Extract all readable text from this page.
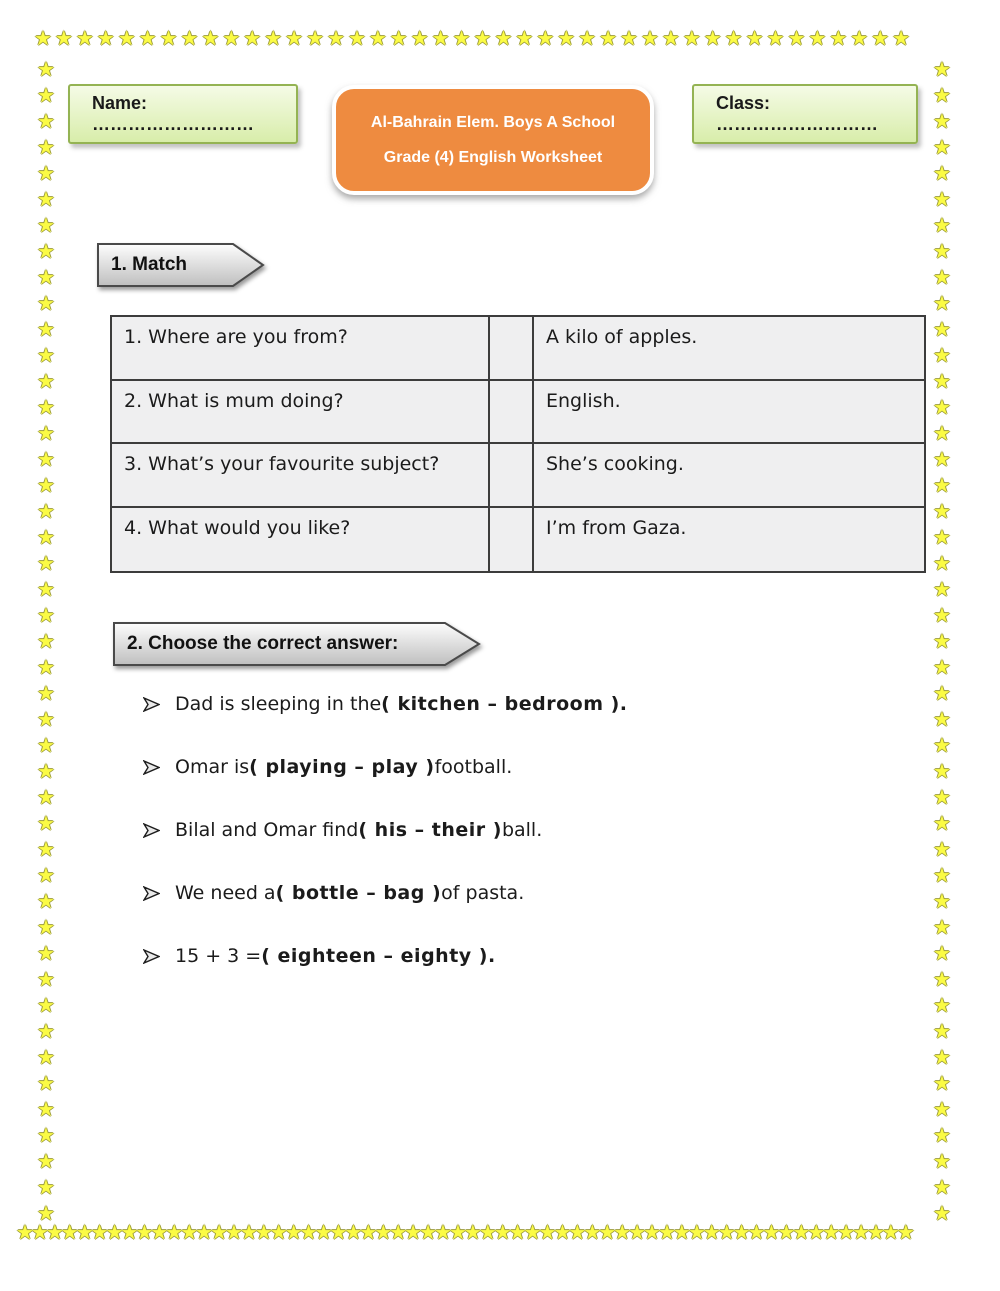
★★★★★★★★★★★★★★★★★★★★★★★★★★★★★★★★★★★★★★★★★★
★★★★★★★★★★★★★★★★★★★★★★★★★★★★★★★★★★★★★★★★★★★★★★★★★★★★★★★★★★★★
★★★★★★★★★★★★★★★★★★★★★★★★★★★★★★★★★★★★★★★★★★★★★
★★★★★★★★★★★★★★★★★★★★★★★★★★★★★★★★★★★★★★★★★★★★★
Name: ………………………	Al-Bahrain Elem. Boys A School
Grade (4) English Worksheet
Class: ………………………
1. Match
1. Where are you from?	A kilo of apples.
2. What is mum doing?	English.
3. What’s your favourite subject?	She’s cooking.
4. What would you like?	I’m from Gaza.
2. Choose the correct answer:
Dad is sleeping in the ( kitchen – bedroom ).
Omar is ( playing – play ) football.
Bilal and Omar find ( his – their ) ball.
We need a ( bottle – bag ) of pasta.
15 + 3 = ( eighteen – eighty ).
